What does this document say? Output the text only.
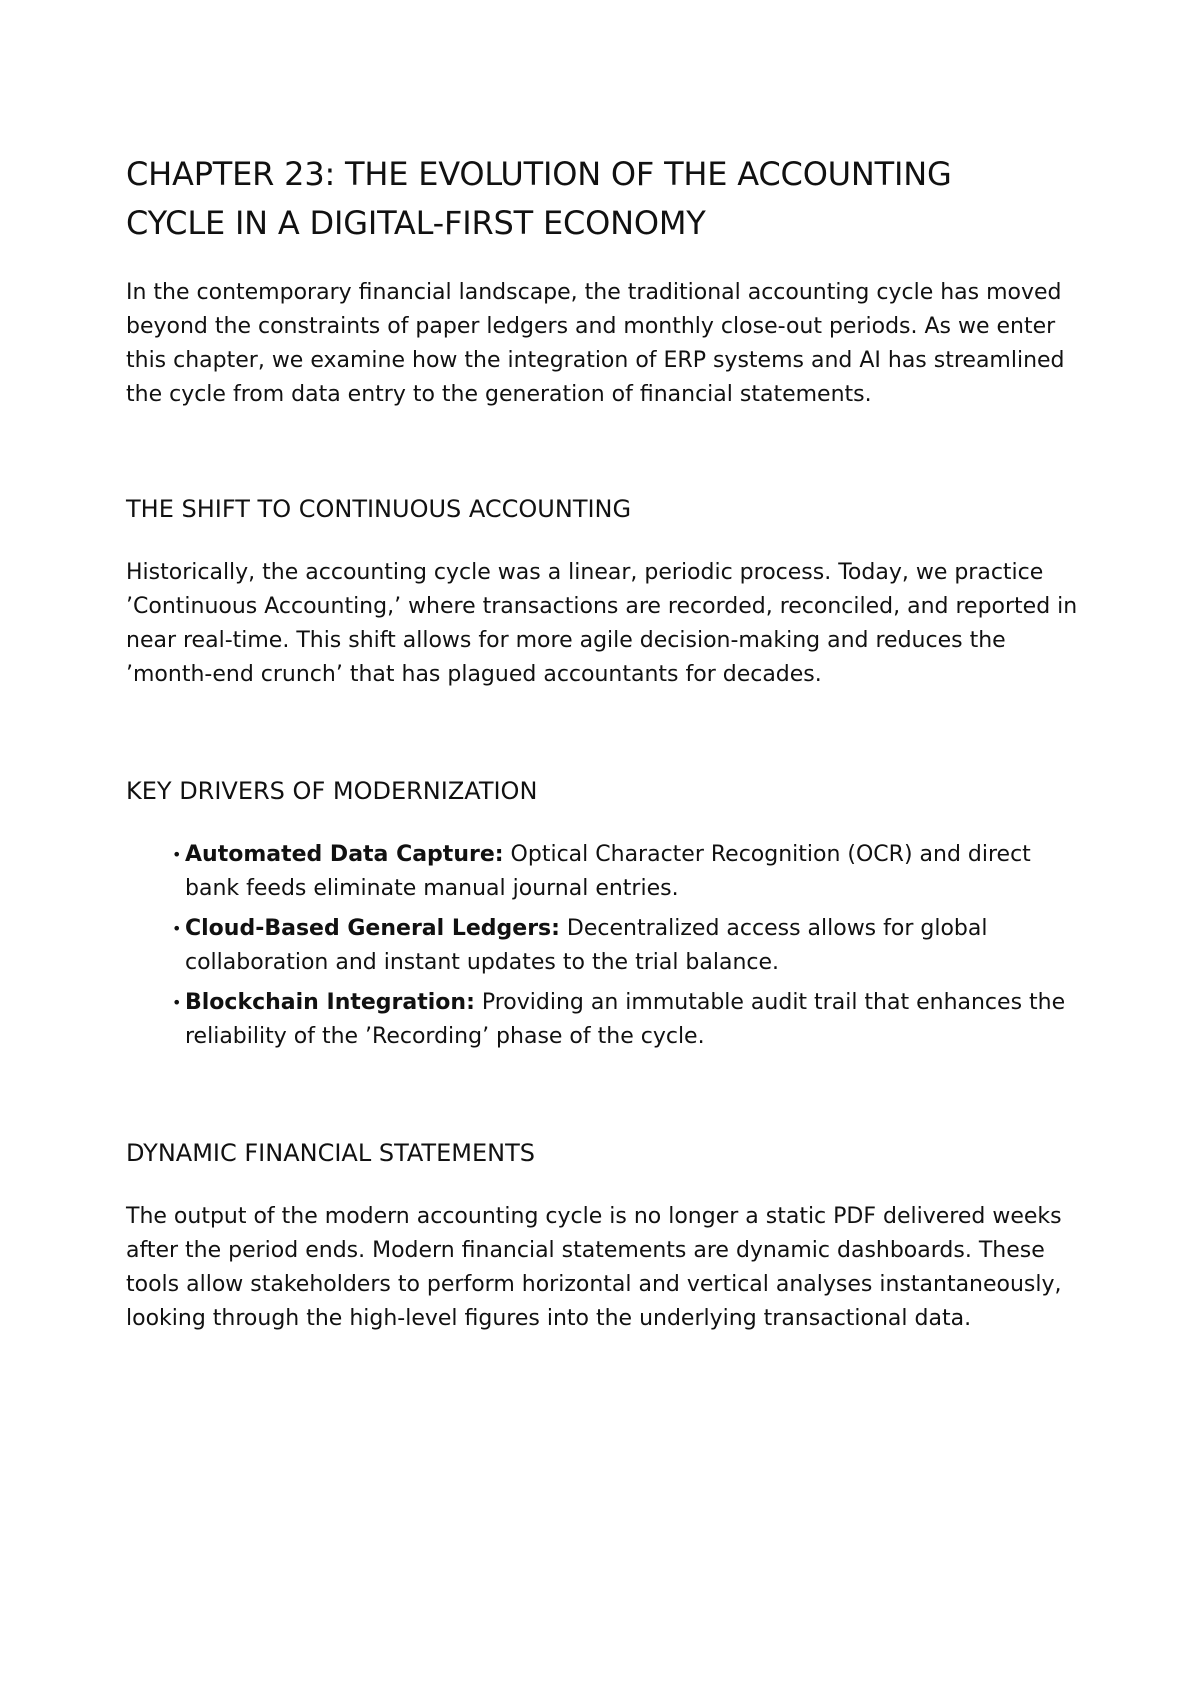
CHAPTER 23: THE EVOLUTION OF THE ACCOUNTING CYCLE IN A DIGITAL-FIRST ECONOMY

In the contemporary financial landscape, the traditional accounting cycle has moved beyond the constraints of paper ledgers and monthly close-out periods. As we enter this chapter, we examine how the integration of ERP systems and AI has streamlined the cycle from data entry to the generation of financial statements.

THE SHIFT TO CONTINUOUS ACCOUNTING

Historically, the accounting cycle was a linear, periodic process. Today, we practice ’Continuous Accounting,’ where transactions are recorded, reconciled, and reported in near real-time. This shift allows for more agile decision-making and reduces the ’month-end crunch’ that has plagued accountants for decades.

KEY DRIVERS OF MODERNIZATION
• Automated Data Capture: Optical Character Recognition (OCR) and direct bank feeds eliminate manual journal entries.
• Cloud-Based General Ledgers: Decentralized access allows for global collaboration and instant updates to the trial balance.
• Blockchain Integration: Providing an immutable audit trail that enhances the reliability of the ’Recording’ phase of the cycle.
DYNAMIC FINANCIAL STATEMENTS

The output of the modern accounting cycle is no longer a static PDF delivered weeks after the period ends. Modern financial statements are dynamic dashboards. These tools allow stakeholders to perform horizontal and vertical analyses instantaneously, looking through the high-level figures into the underlying transactional data.
